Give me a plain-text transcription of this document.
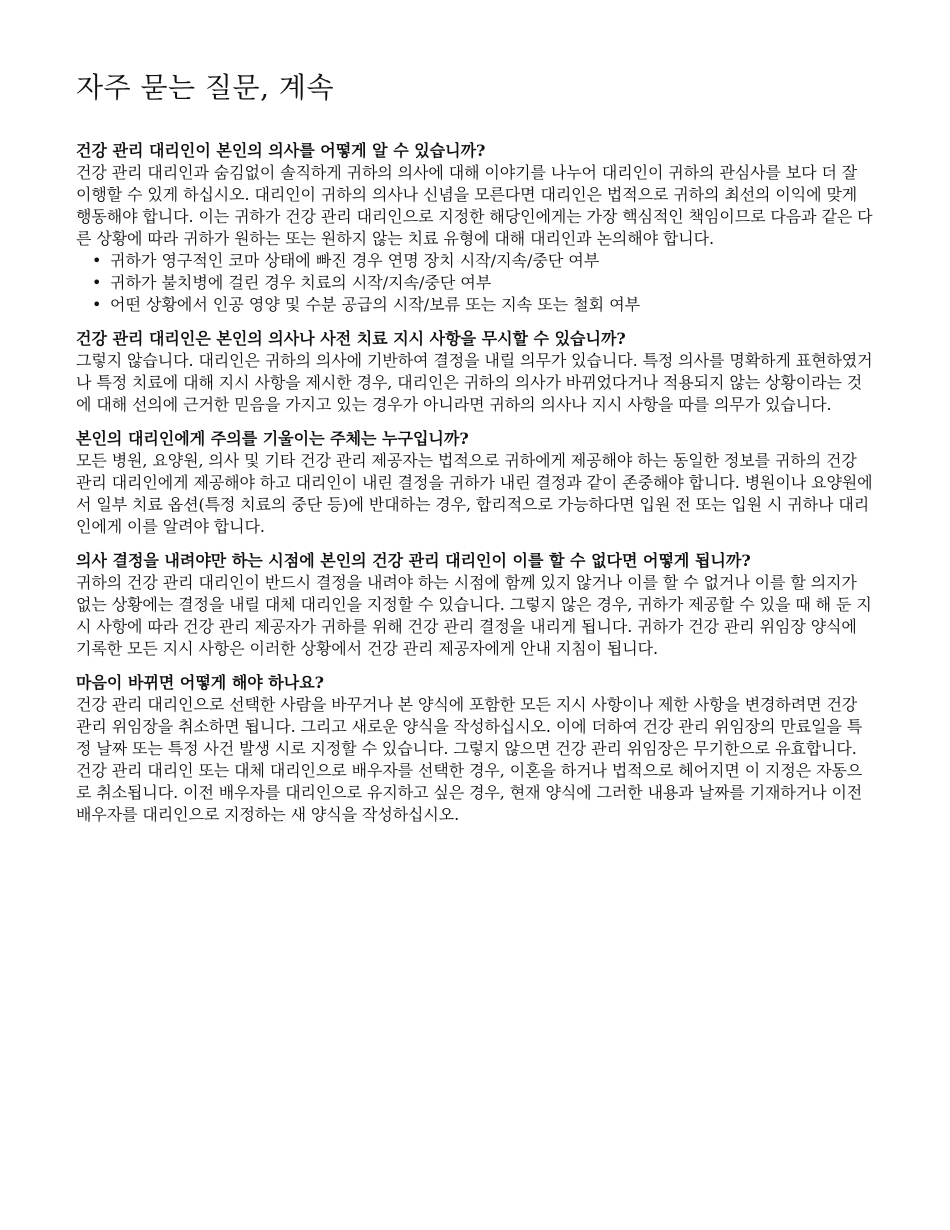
자주 묻는 질문, 계속

건강 관리 대리인이 본인의 의사를 어떻게 알 수 있습니까?

건강 관리 대리인과 숨김없이 솔직하게 귀하의 의사에 대해 이야기를 나누어 대리인이 귀하의 관심사를 보다 더 잘 이행할 수 있게 하십시오. 대리인이 귀하의 의사나 신념을 모른다면 대리인은 법적으로 귀하의 최선의 이익에 맞게 행동해야 합니다. 이는 귀하가 건강 관리 대리인으로 지정한 해당인에게는 가장 핵심적인 책임이므로 다음과 같은 다른 상황에 따라 귀하가 원하는 또는 원하지 않는 치료 유형에 대해 대리인과 논의해야 합니다.

• 귀하가 영구적인 코마 상태에 빠진 경우 연명 장치 시작/지속/중단 여부
• 귀하가 불치병에 걸린 경우 치료의 시작/지속/중단 여부
• 어떤 상황에서 인공 영양 및 수분 공급의 시작/보류 또는 지속 또는 철회 여부

건강 관리 대리인은 본인의 의사나 사전 치료 지시 사항을 무시할 수 있습니까?

그렇지 않습니다. 대리인은 귀하의 의사에 기반하여 결정을 내릴 의무가 있습니다. 특정 의사를 명확하게 표현하였거나 특정 치료에 대해 지시 사항을 제시한 경우, 대리인은 귀하의 의사가 바뀌었다거나 적용되지 않는 상황이라는 것에 대해 선의에 근거한 믿음을 가지고 있는 경우가 아니라면 귀하의 의사나 지시 사항을 따를 의무가 있습니다.

본인의 대리인에게 주의를 기울이는 주체는 누구입니까?

모든 병원, 요양원, 의사 및 기타 건강 관리 제공자는 법적으로 귀하에게 제공해야 하는 동일한 정보를 귀하의 건강 관리 대리인에게 제공해야 하고 대리인이 내린 결정을 귀하가 내린 결정과 같이 존중해야 합니다. 병원이나 요양원에서 일부 치료 옵션(특정 치료의 중단 등)에 반대하는 경우, 합리적으로 가능하다면 입원 전 또는 입원 시 귀하나 대리인에게 이를 알려야 합니다.

의사 결정을 내려야만 하는 시점에 본인의 건강 관리 대리인이 이를 할 수 없다면 어떻게 됩니까?

귀하의 건강 관리 대리인이 반드시 결정을 내려야 하는 시점에 함께 있지 않거나 이를 할 수 없거나 이를 할 의지가 없는 상황에는 결정을 내릴 대체 대리인을 지정할 수 있습니다. 그렇지 않은 경우, 귀하가 제공할 수 있을 때 해 둔 지시 사항에 따라 건강 관리 제공자가 귀하를 위해 건강 관리 결정을 내리게 됩니다. 귀하가 건강 관리 위임장 양식에 기록한 모든 지시 사항은 이러한 상황에서 건강 관리 제공자에게 안내 지침이 됩니다.

마음이 바뀌면 어떻게 해야 하나요?

건강 관리 대리인으로 선택한 사람을 바꾸거나 본 양식에 포함한 모든 지시 사항이나 제한 사항을 변경하려면 건강 관리 위임장을 취소하면 됩니다. 그리고 새로운 양식을 작성하십시오. 이에 더하여 건강 관리 위임장의 만료일을 특정 날짜 또는 특정 사건 발생 시로 지정할 수 있습니다. 그렇지 않으면 건강 관리 위임장은 무기한으로 유효합니다. 건강 관리 대리인 또는 대체 대리인으로 배우자를 선택한 경우, 이혼을 하거나 법적으로 헤어지면 이 지정은 자동으로 취소됩니다. 이전 배우자를 대리인으로 유지하고 싶은 경우, 현재 양식에 그러한 내용과 날짜를 기재하거나 이전 배우자를 대리인으로 지정하는 새 양식을 작성하십시오.
